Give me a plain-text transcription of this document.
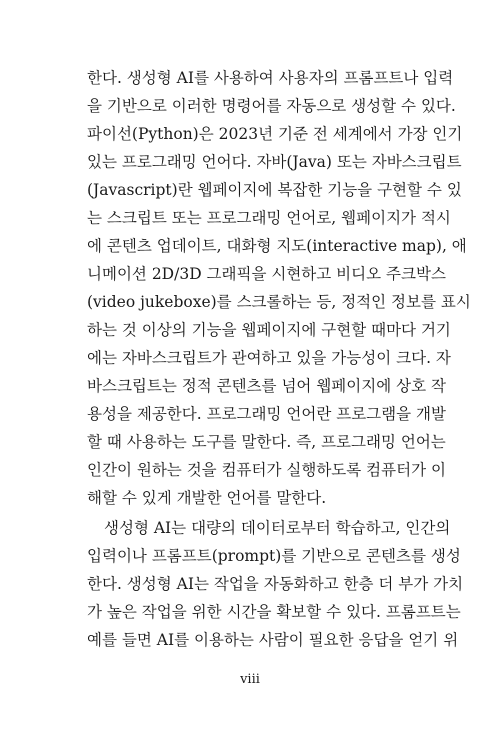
한다. 생성형 AI를 사용하여 사용자의 프롬프트나 입력
을 기반으로 이러한 명령어를 자동으로 생성할 수 있다.
파이선(Python)은 2023년 기준 전 세계에서 가장 인기
있는 프로그래밍 언어다. 자바(Java) 또는 자바스크립트
(Javascript)란 웹페이지에 복잡한 기능을 구현할 수 있
는 스크립트 또는 프로그래밍 언어로, 웹페이지가 적시
에 콘텐츠 업데이트, 대화형 지도(interactive map), 애
니메이션 2D/3D 그래픽을 시현하고 비디오 주크박스
(video jukeboxe)를 스크롤하는 등, 정적인 정보를 표시
하는 것 이상의 기능을 웹페이지에 구현할 때마다 거기
에는 자바스크립트가 관여하고 있을 가능성이 크다. 자
바스크립트는 정적 콘텐츠를 넘어 웹페이지에 상호 작
용성을 제공한다. 프로그래밍 언어란 프로그램을 개발
할 때 사용하는 도구를 말한다. 즉, 프로그래밍 언어는
인간이 원하는 것을 컴퓨터가 실행하도록 컴퓨터가 이
해할 수 있게 개발한 언어를 말한다.
생성형 AI는 대량의 데이터로부터 학습하고, 인간의
입력이나 프롬프트(prompt)를 기반으로 콘텐츠를 생성
한다. 생성형 AI는 작업을 자동화하고 한층 더 부가 가치
가 높은 작업을 위한 시간을 확보할 수 있다. 프롬프트는
예를 들면 AI를 이용하는 사람이 필요한 응답을 얻기 위
viii
